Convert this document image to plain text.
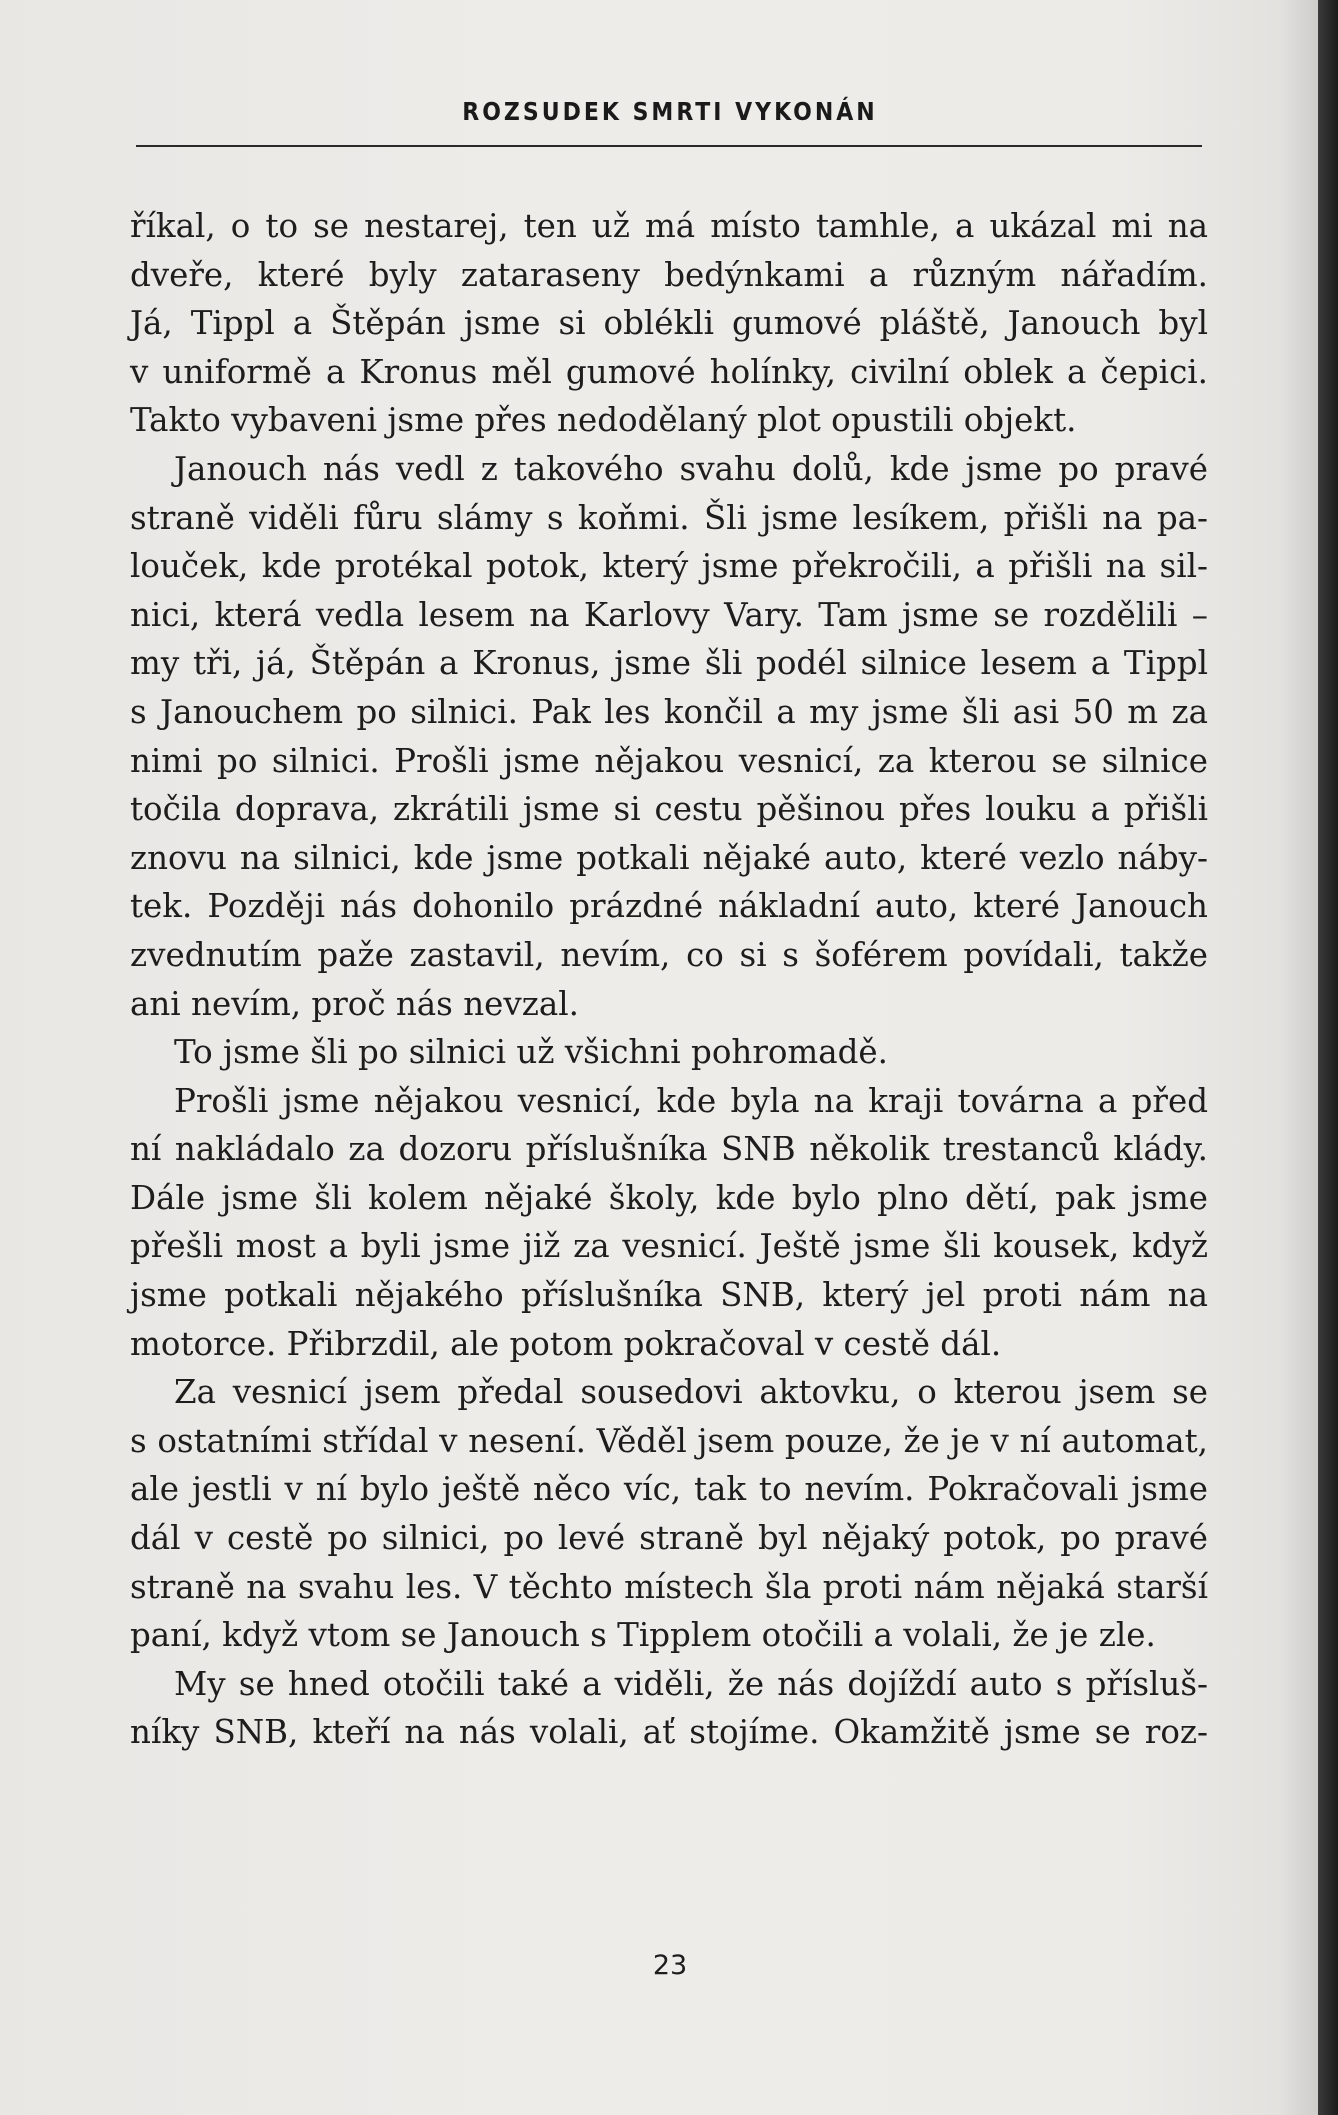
ROZSUDEK SMRTI VYKONÁN
říkal, o to se nestarej, ten už má místo tamhle, a ukázal mi na
dveře, které byly zataraseny bedýnkami a různým nářadím.
Já, Tippl a Štěpán jsme si oblékli gumové pláště, Janouch byl
v uniformě a Kronus měl gumové holínky, civilní oblek a čepici.
Takto vybaveni jsme přes nedodělaný plot opustili objekt.
Janouch nás vedl z takového svahu dolů, kde jsme po pravé
straně viděli fůru slámy s koňmi. Šli jsme lesíkem, přišli na pa-
louček, kde protékal potok, který jsme překročili, a přišli na sil-
nici, která vedla lesem na Karlovy Vary. Tam jsme se rozdělili –
my tři, já, Štěpán a Kronus, jsme šli podél silnice lesem a Tippl
s Janouchem po silnici. Pak les končil a my jsme šli asi 50 m za
nimi po silnici. Prošli jsme nějakou vesnicí, za kterou se silnice
točila doprava, zkrátili jsme si cestu pěšinou přes louku a přišli
znovu na silnici, kde jsme potkali nějaké auto, které vezlo náby-
tek. Později nás dohonilo prázdné nákladní auto, které Janouch
zvednutím paže zastavil, nevím, co si s šoférem povídali, takže
ani nevím, proč nás nevzal.
To jsme šli po silnici už všichni pohromadě.
Prošli jsme nějakou vesnicí, kde byla na kraji továrna a před
ní nakládalo za dozoru příslušníka SNB několik trestanců klády.
Dále jsme šli kolem nějaké školy, kde bylo plno dětí, pak jsme
přešli most a byli jsme již za vesnicí. Ještě jsme šli kousek, když
jsme potkali nějakého příslušníka SNB, který jel proti nám na
motorce. Přibrzdil, ale potom pokračoval v cestě dál.
Za vesnicí jsem předal sousedovi aktovku, o kterou jsem se
s ostatními střídal v nesení. Věděl jsem pouze, že je v ní automat,
ale jestli v ní bylo ještě něco víc, tak to nevím. Pokračovali jsme
dál v cestě po silnici, po levé straně byl nějaký potok, po pravé
straně na svahu les. V těchto místech šla proti nám nějaká starší
paní, když vtom se Janouch s Tipplem otočili a volali, že je zle.
My se hned otočili také a viděli, že nás dojíždí auto s přísluš-
níky SNB, kteří na nás volali, ať stojíme. Okamžitě jsme se roz-
23
